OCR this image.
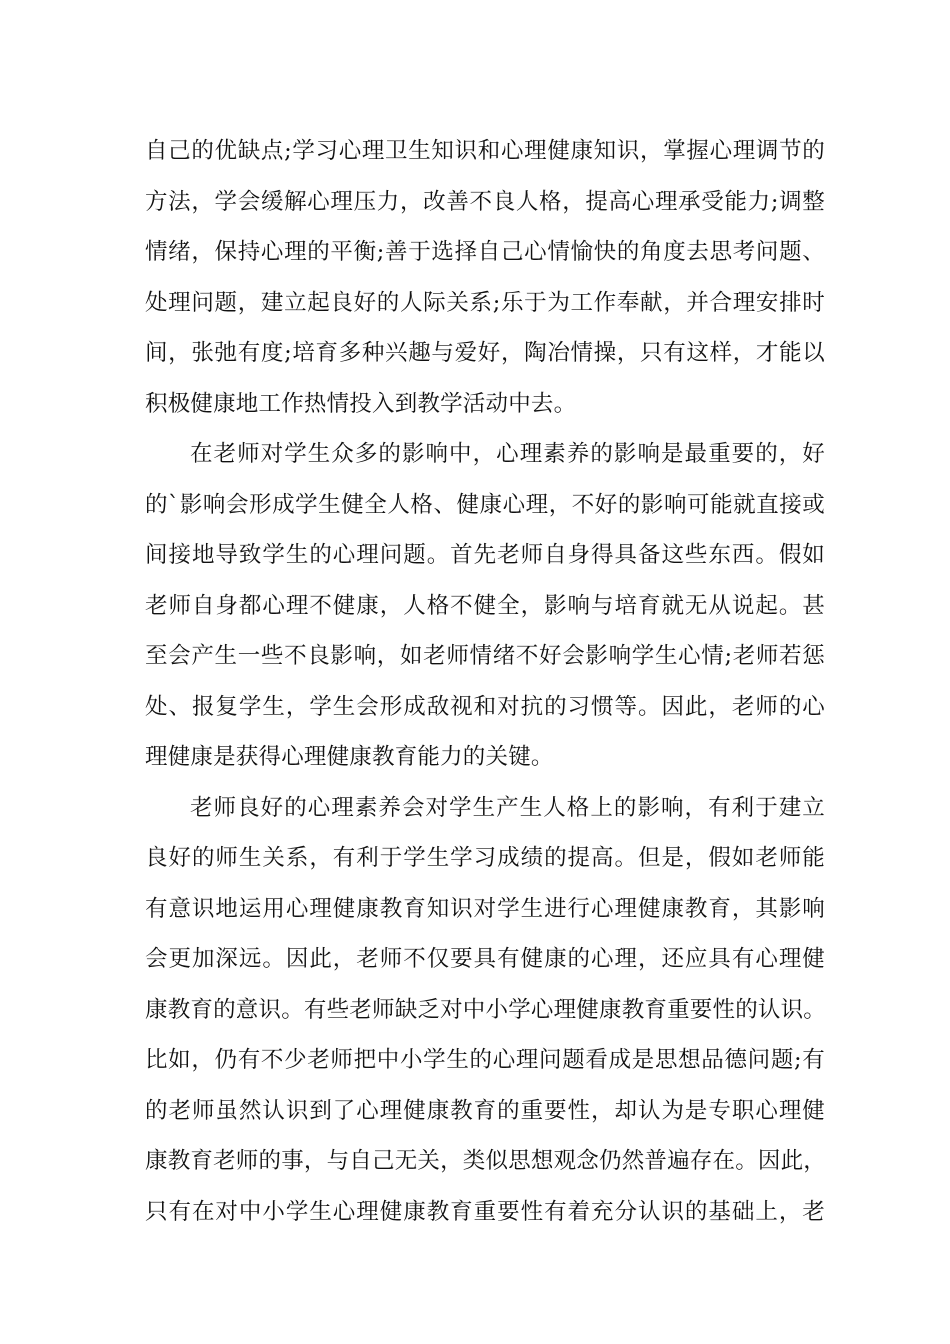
自己的优缺点;学习心理卫生知识和心理健康知识，掌握心理调节的
方法，学会缓解心理压力，改善不良人格，提高心理承受能力;调整
情绪，保持心理的平衡;善于选择自己心情愉快的角度去思考问题、
处理问题，建立起良好的人际关系;乐于为工作奉献，并合理安排时
间，张弛有度;培育多种兴趣与爱好，陶冶情操，只有这样，才能以
积极健康地工作热情投入到教学活动中去。
在老师对学生众多的影响中，心理素养的影响是最重要的，好
的`影响会形成学生健全人格、健康心理，不好的影响可能就直接或
间接地导致学生的心理问题。首先老师自身得具备这些东西。假如
老师自身都心理不健康，人格不健全，影响与培育就无从说起。甚
至会产生一些不良影响，如老师情绪不好会影响学生心情;老师若惩
处、报复学生，学生会形成敌视和对抗的习惯等。因此，老师的心
理健康是获得心理健康教育能力的关键。
老师良好的心理素养会对学生产生人格上的影响，有利于建立
良好的师生关系，有利于学生学习成绩的提高。但是，假如老师能
有意识地运用心理健康教育知识对学生进行心理健康教育，其影响
会更加深远。因此，老师不仅要具有健康的心理，还应具有心理健
康教育的意识。有些老师缺乏对中小学心理健康教育重要性的认识。
比如，仍有不少老师把中小学生的心理问题看成是思想品德问题;有
的老师虽然认识到了心理健康教育的重要性，却认为是专职心理健
康教育老师的事，与自己无关，类似思想观念仍然普遍存在。因此，
只有在对中小学生心理健康教育重要性有着充分认识的基础上，老
